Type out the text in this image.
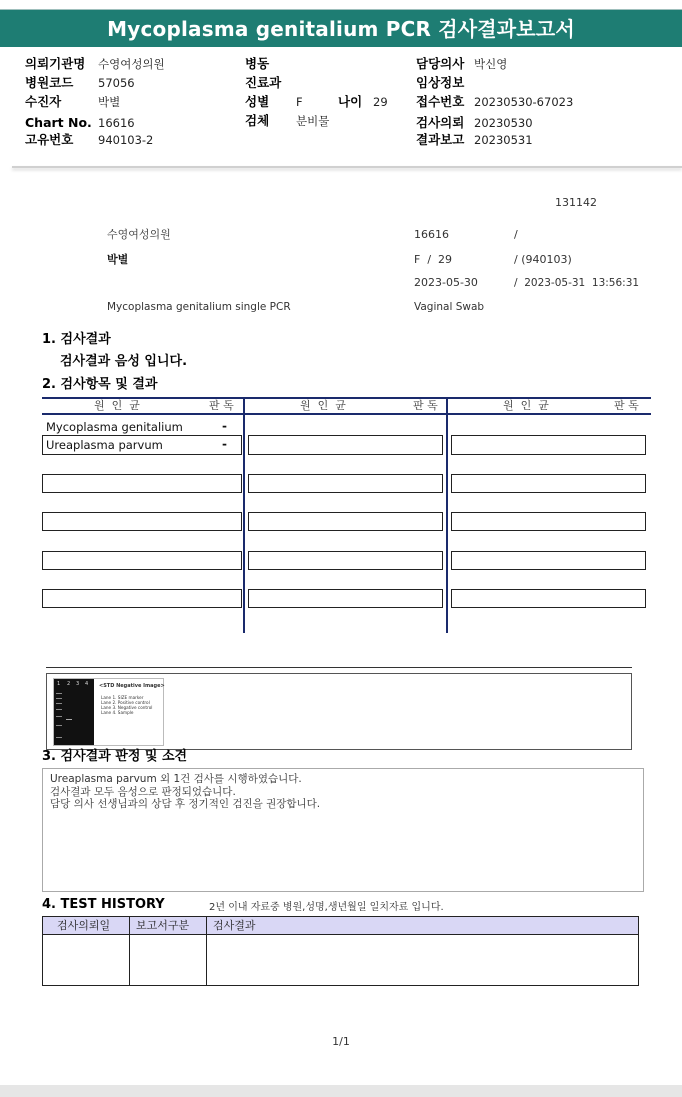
Mycoplasma genitalium PCR 검사결과보고서
의뢰기관명 수영여성의원
병원코드 57056
수진자	박별
Chart No. 16616
고유번호 940103-2
병동
진료과
성별 F	나이 29
검체 분비물
담당의사 박신영
임상정보
접수번호 20230530-67023
검사의뢰 20230530
결과보고 20230531
131142
수영여성의원	16616	/
박별	F  /  29	/ (940103)
2023-05-30	/  2023-05-31  13:56:31
Mycoplasma genitalium single PCR	Vaginal Swab
1. 검사결과
검사결과 음성 입니다.
2. 검사항목 및 결과
원  인  균	판 독	원  인  균	판 독	원  인  균	판 독
Mycoplasma genitalium	-
Ureaplasma parvum	-
1 2 3 4 <STD Negative Image>
Lane 1. SIZE marker
Lane 2. Positive control
Lane 3. Negative control
Lane 4. Sample
3. 검사결과 판정 및 소견
Ureaplasma parvum 외 1건 검사를 시행하였습니다.
검사결과 모두 음성으로 판정되었습니다.
담당 의사 선생님과의 상담 후 정기적인 검진을 권장합니다.
4. TEST HISTORY	2년 이내 자료중 병원,성명,생년월일 일치자료 입니다.
검사의뢰일 보고서구분 검사결과
1/1
